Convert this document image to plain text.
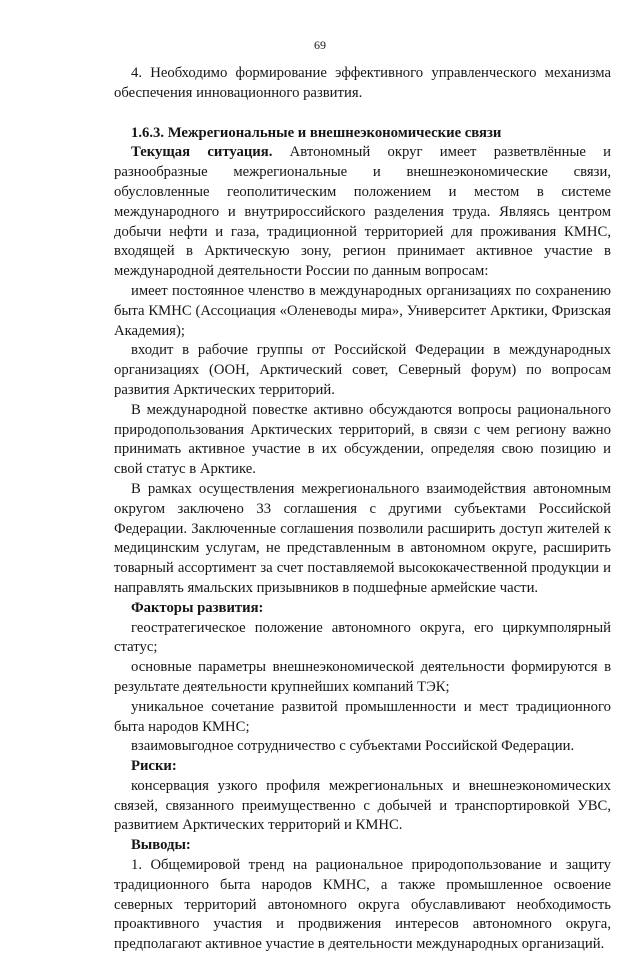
69

4. Необходимо формирование эффективного управленческого механизма обеспечения инновационного развития.

1.6.3. Межрегиональные и внешнеэкономические связи

Текущая ситуация. Автономный округ имеет разветвлённые и разнообразные межрегиональные и внешнеэкономические связи, обусловленные геополитическим положением и местом в системе международного и внутрироссийского разделения труда. Являясь центром добычи нефти и газа, традиционной территорией для проживания КМНС, входящей в Арктическую зону, регион принимает активное участие в международной деятельности России по данным вопросам:

имеет постоянное членство в международных организациях по сохранению быта КМНС (Ассоциация «Оленеводы мира», Университет Арктики, Фризская Академия);

входит в рабочие группы от Российской Федерации в международных организациях (ООН, Арктический совет, Северный форум) по вопросам развития Арктических территорий.

В международной повестке активно обсуждаются вопросы рационального природопользования Арктических территорий, в связи с чем региону важно принимать активное участие в их обсуждении, определяя свою позицию и свой статус в Арктике.

В рамках осуществления межрегионального взаимодействия автономным округом заключено 33 соглашения с другими субъектами Российской Федерации. Заключенные соглашения позволили расширить доступ жителей к медицинским услугам, не представленным в автономном округе, расширить товарный ассортимент за счет поставляемой высококачественной продукции и направлять ямальских призывников в подшефные армейские части.

Факторы развития:

геостратегическое положение автономного округа, его циркумполярный статус;

основные параметры внешнеэкономической деятельности формируются в результате деятельности крупнейших компаний ТЭК;

уникальное сочетание развитой промышленности и мест традиционного быта народов КМНС;

взаимовыгодное сотрудничество с субъектами Российской Федерации.

Риски:

консервация узкого профиля межрегиональных и внешнеэкономических связей, связанного преимущественно с добычей и транспортировкой УВС, развитием Арктических территорий и КМНС.

Выводы:

1. Общемировой тренд на рациональное природопользование и защиту традиционного быта народов КМНС, а также промышленное освоение северных территорий автономного округа обуславливают необходимость проактивного участия и продвижения интересов автономного округа, предполагают активное участие в деятельности международных организаций.
